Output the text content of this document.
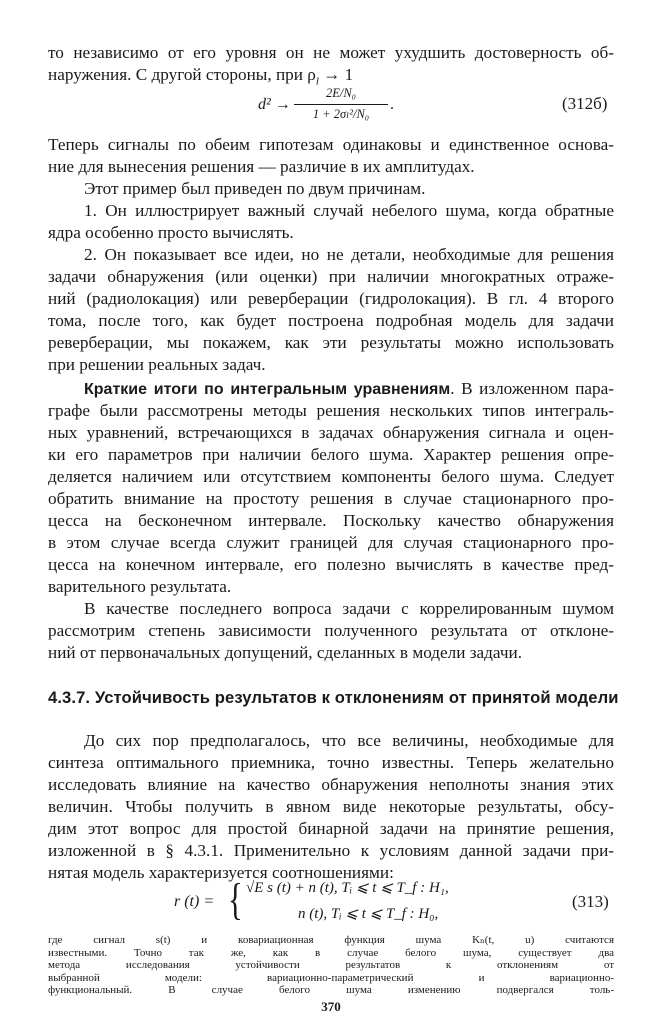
то независимо от его уровня он не может ухудшить достоверность об-
наружения. С другой стороны, при $\rho_l \to 1$
d² →
2E/N₀
1 + 2σₗ²/N₀
.	(312б)
Теперь сигналы по обеим гипотезам одинаковы и единственное основа-
ние для вынесения решения — различие в их амплитудах.
Этот пример был приведен по двум причинам.
1. Он иллюстрирует важный случай небелого шума, когда обратные
ядра особенно просто вычислять.
2. Он показывает все идеи, но не детали, необходимые для решения
задачи обнаружения (или оценки) при наличии многократных отраже-
ний (радиолокация) или реверберации (гидролокация). В гл. 4 второго
тома, после того, как будет построена подробная модель для задачи
реверберации, мы покажем, как эти результаты можно использовать
при решении реальных задач.
Краткие итоги по интегральным уравнениям. В изложенном пара-
графе были рассмотрены методы решения нескольких типов интеграль-
ных уравнений, встречающихся в задачах обнаружения сигнала и оцен-
ки его параметров при наличии белого шума. Характер решения опре-
деляется наличием или отсутствием компоненты белого шума. Следует
обратить внимание на простоту решения в случае стационарного про-
цесса на бесконечном интервале. Поскольку качество обнаружения
в этом случае всегда служит границей для случая стационарного про-
цесса на конечном интервале, его полезно вычислять в качестве пред-
варительного результата.
В качестве последнего вопроса задачи с коррелированным шумом
рассмотрим степень зависимости полученного результата от отклоне-
ний от первоначальных допущений, сделанных в модели задачи.
4.3.7. Устойчивость результатов к отклонениям от принятой модели
До сих пор предполагалось, что все величины, необходимые для
синтеза оптимального приемника, точно известны. Теперь желательно
исследовать влияние на качество обнаружения неполноты знания этих
величин. Чтобы получить в явном виде некоторые результаты, обсу-
дим этот вопрос для простой бинарной задачи на принятие решения,
изложенной в § 4.3.1. Применительно к условиям данной задачи при-
нятая модель характеризуется соотношениями:
r (t) = { √E s (t) + n (t), Tᵢ ⩽ t ⩽ T_f : H₁,
n (t), Tᵢ ⩽ t ⩽ T_f : H₀,
(313)
370
где сигнал s(t) и ковариационная функция шума Kₙ(t, u) считаются
известными. Точно так же, как в случае белого шума, существует два
метода исследования устойчивости результатов к отклонениям от
выбранной модели: вариационно-параметрический и вариационно-
функциональный. В случае белого шума изменению подвергался толь-
